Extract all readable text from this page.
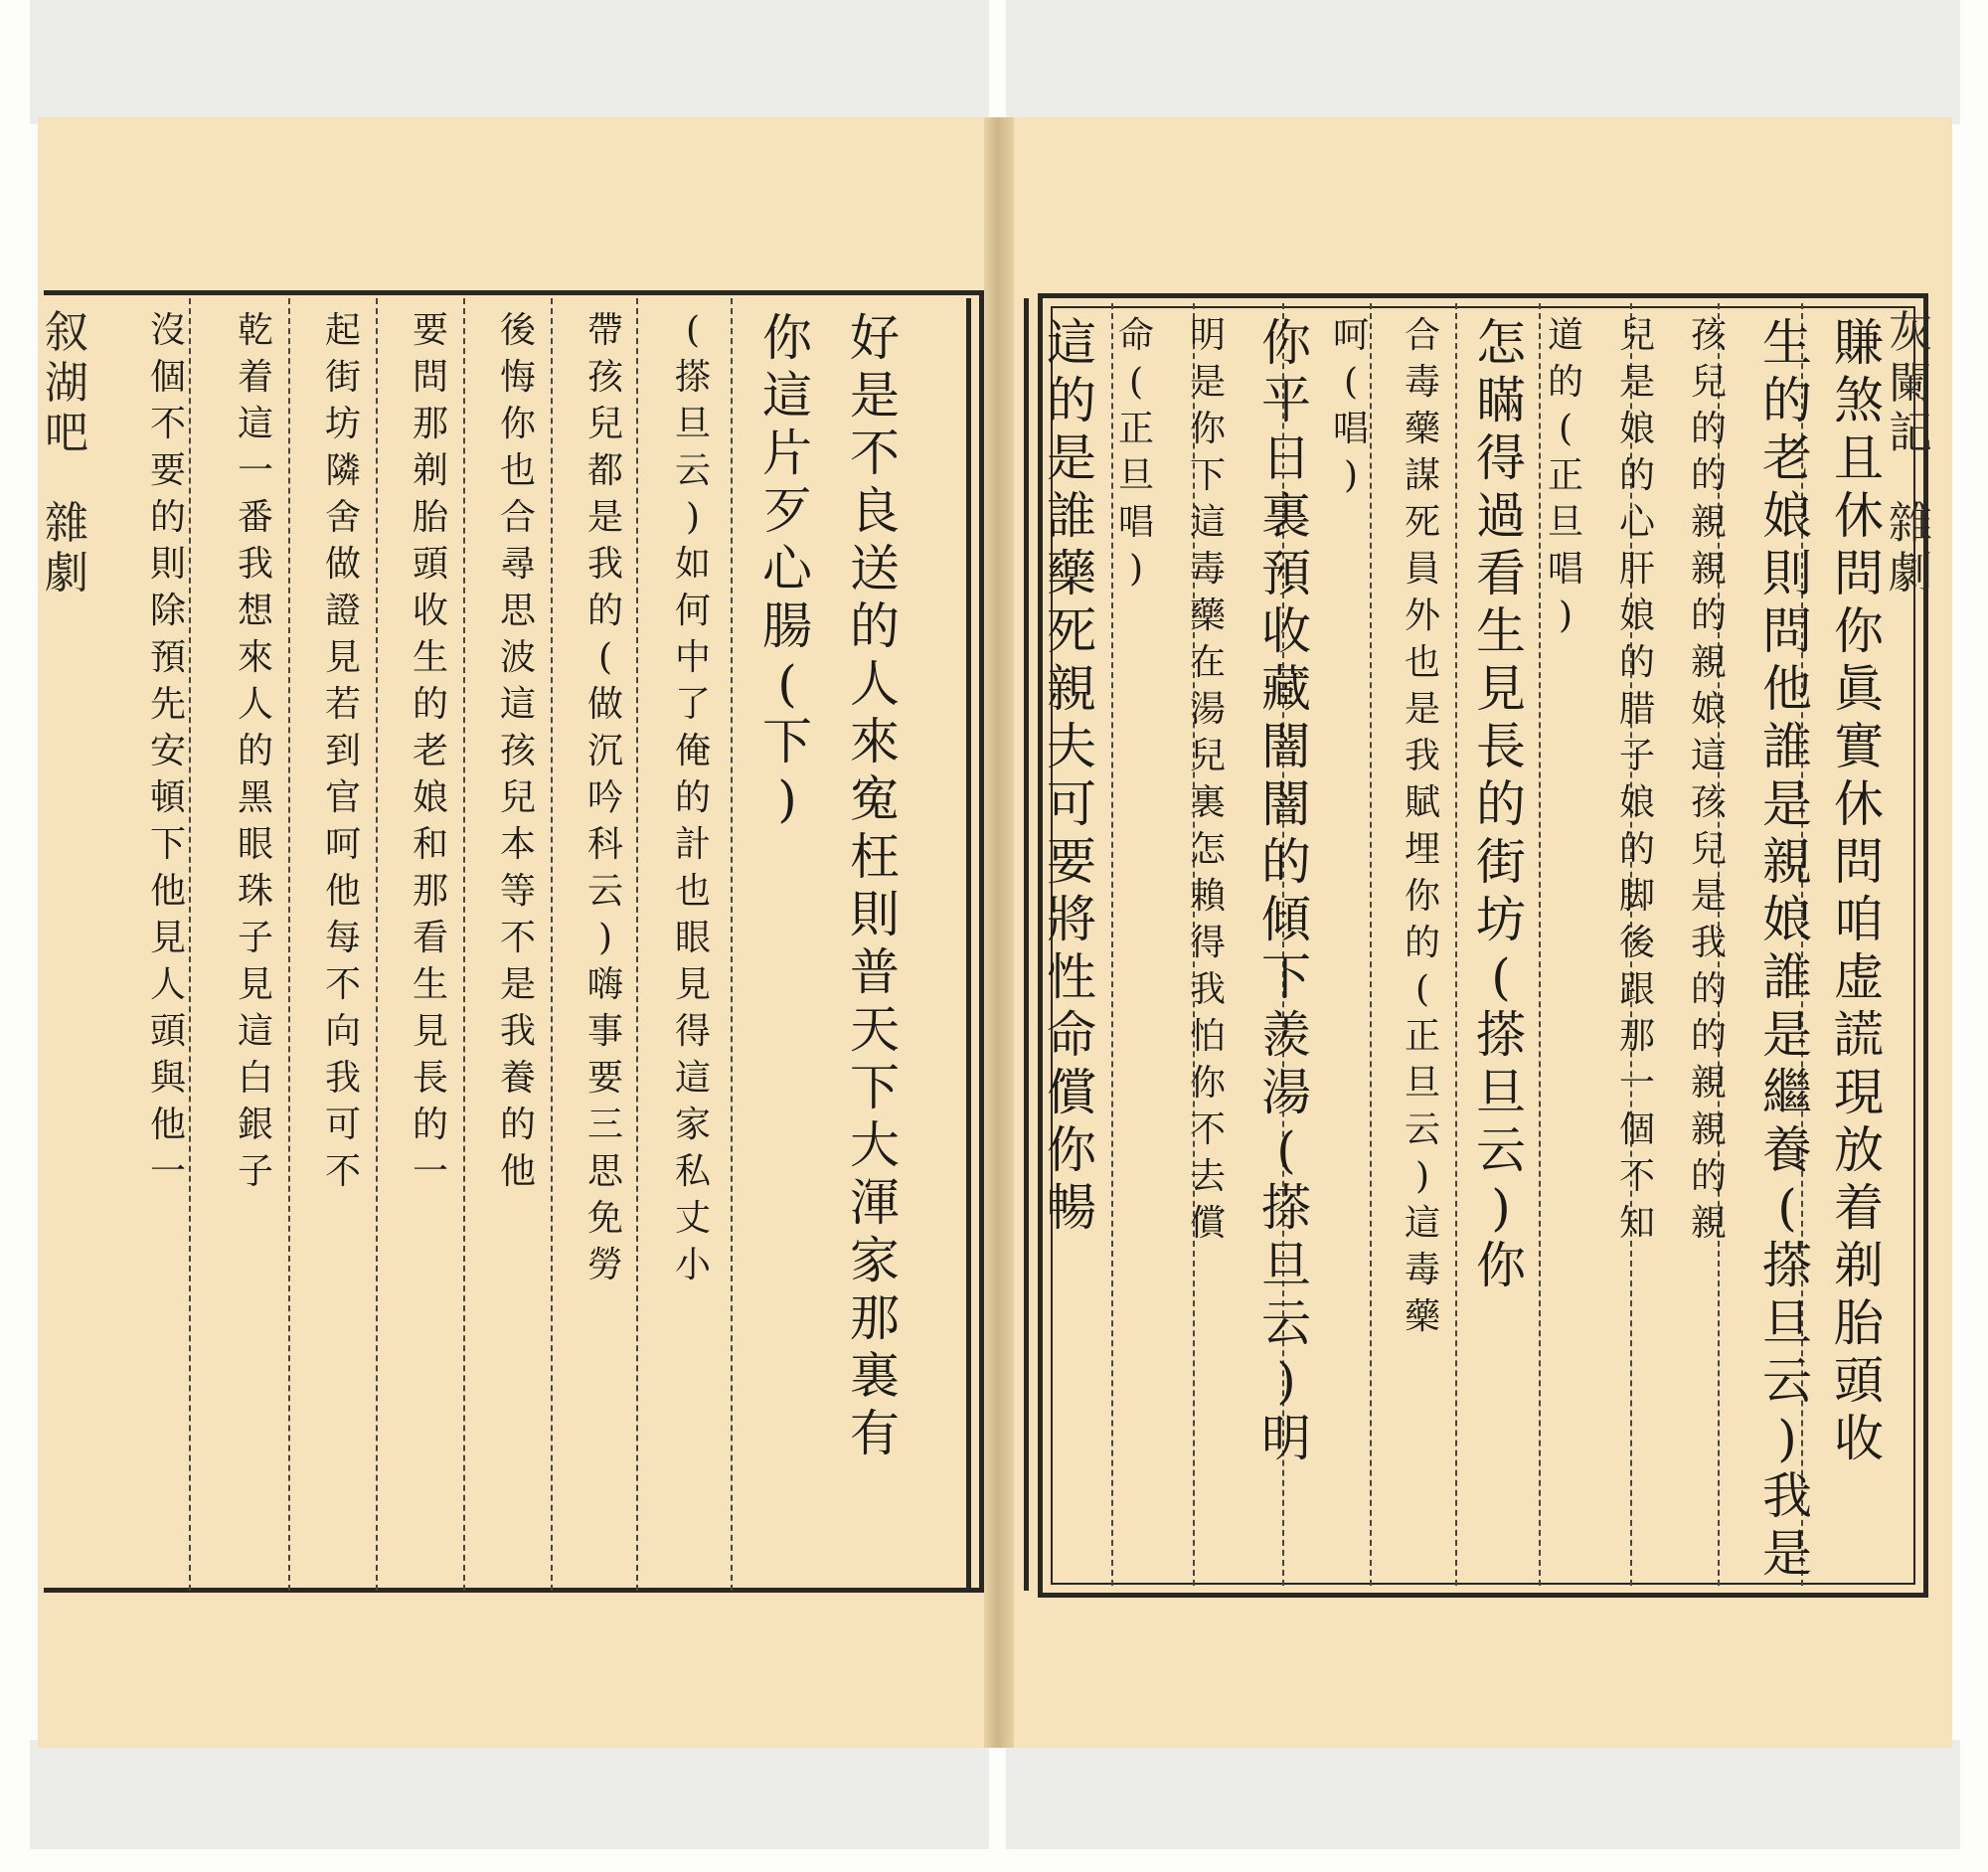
叙
湖
吧
雜
劇
灰
闌
記
雜
劇
好
是
不
良
送
的
人
來
寃
枉
則
普
天
下
大
渾
家
那
裏
有
你
這
片
歹
心
腸
(
下
)
(
搽
旦
云
)
如
何
中
了
俺
的
計
也
眼
見
得
這
家
私
丈
小
帶
孩
兒
都
是
我
的
(
做
沉
吟
科
云
)
嗨
事
要
三
思
免
勞
後
悔
你
也
合
尋
思
波
這
孩
兒
本
等
不
是
我
養
的
他
要
問
那
剃
胎
頭
收
生
的
老
娘
和
那
看
生
見
長
的
一
起
街
坊
隣
舍
做
證
見
若
到
官
呵
他
每
不
向
我
可
不
乾
着
這
一
番
我
想
來
人
的
黑
眼
珠
子
見
這
白
銀
子
沒
個
不
要
的
則
除
預
先
安
頓
下
他
見
人
頭
與
他
一
賺
煞
且
休
問
你
眞
實
休
問
咱
虚
謊
現
放
着
剃
胎
頭
收
生
的
老
娘
則
問
他
誰
是
親
娘
誰
是
繼
養
(
搽
旦
云
)
我
是
孩
兒
的
的
親
親
的
親
娘
這
孩
兒
是
我
的
的
親
親
的
親
兒
是
娘
的
心
肝
娘
的
腊
子
娘
的
脚
後
跟
那
一
個
不
知
道
的
(
正
旦
唱
)
怎
瞞
得
過
看
生
見
長
的
街
坊
(
搽
旦
云
)
你
合
毒
藥
謀
死
員
外
也
是
我
賦
埋
你
的
(
正
旦
云
)
這
毒
藥
呵
(
唱
)
你
平
日
裏
預
收
藏
闇
闇
的
傾
下
羨
湯
(
搽
旦
云
)
明
明
是
你
下
這
毒
藥
在
湯
兒
裏
怎
賴
得
我
怕
你
不
去
償
命
(
正
旦
唱
)
這
的
是
誰
藥
死
親
夫
可
要
將
性
命
償
你
暢
